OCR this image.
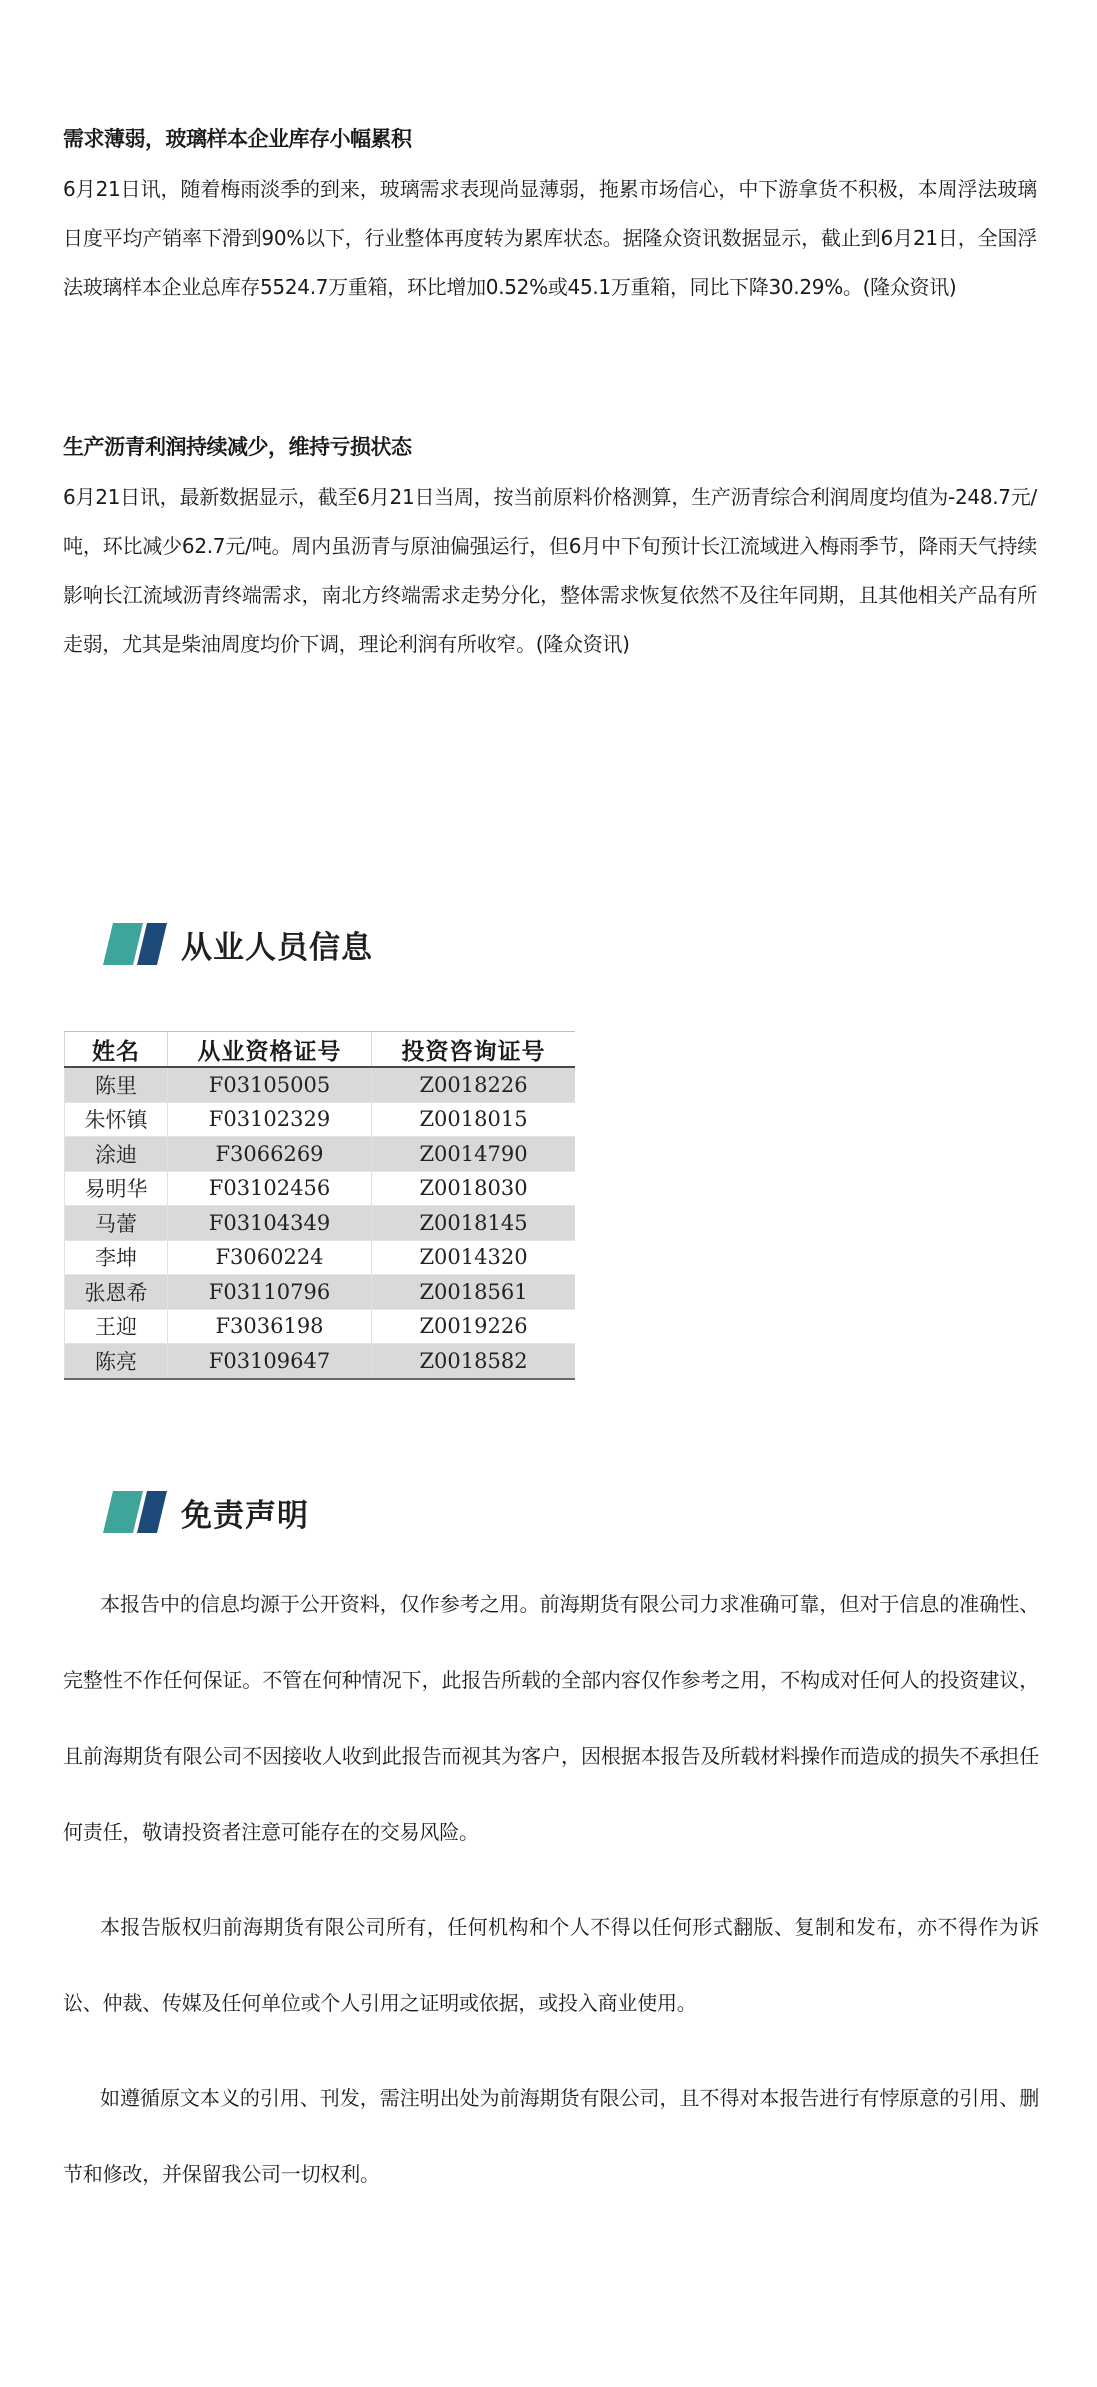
需求薄弱，玻璃样本企业库存小幅累积

6月21日讯，随着梅雨淡季的到来，玻璃需求表现尚显薄弱，拖累市场信心，中下游拿货不积极，本周浮法玻璃日度平均产销率下滑到90%以下，行业整体再度转为累库状态。据隆众资讯数据显示，截止到6月21日，全国浮法玻璃样本企业总库存5524.7万重箱，环比增加0.52%或45.1万重箱，同比下降30.29%。(隆众资讯)

生产沥青利润持续减少，维持亏损状态

6月21日讯，最新数据显示，截至6月21日当周，按当前原料价格测算，生产沥青综合利润周度均值为-248.7元/吨，环比减少62.7元/吨。周内虽沥青与原油偏强运行，但6月中下旬预计长江流域进入梅雨季节，降雨天气持续影响长江流域沥青终端需求，南北方终端需求走势分化，整体需求恢复依然不及往年同期，且其他相关产品有所走弱，尤其是柴油周度均价下调，理论利润有所收窄。(隆众资讯)

从业人员信息
姓名	从业资格证号	投资咨询证号
陈里	F03105005	Z0018226
朱怀镇	F03102329	Z0018015
涂迪	F3066269	Z0014790
易明华	F03102456	Z0018030
马蕾	F03104349	Z0018145
李坤	F3060224	Z0014320
张恩希	F03110796	Z0018561
王迎	F3036198	Z0019226
陈亮	F03109647	Z0018582
免责声明

本报告中的信息均源于公开资料，仅作参考之用。前海期货有限公司力求准确可靠，但对于信息的准确性、完整性不作任何保证。不管在何种情况下，此报告所载的全部内容仅作参考之用，不构成对任何人的投资建议，且前海期货有限公司不因接收人收到此报告而视其为客户，因根据本报告及所载材料操作而造成的损失不承担任何责任，敬请投资者注意可能存在的交易风险。

本报告版权归前海期货有限公司所有，任何机构和个人不得以任何形式翻版、复制和发布，亦不得作为诉讼、仲裁、传媒及任何单位或个人引用之证明或依据，或投入商业使用。

如遵循原文本义的引用、刊发，需注明出处为前海期货有限公司，且不得对本报告进行有悖原意的引用、删节和修改，并保留我公司一切权利。
